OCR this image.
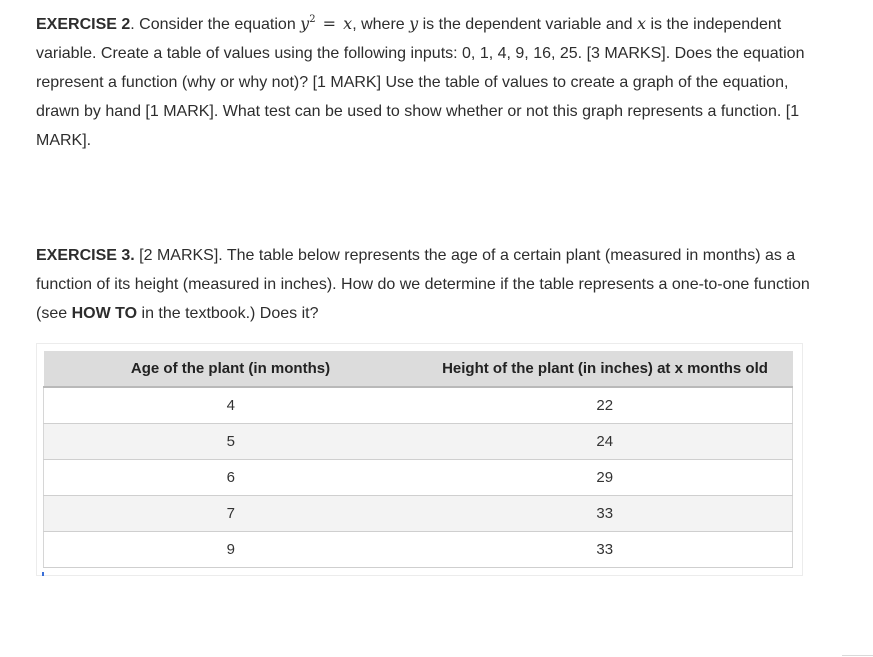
EXERCISE 2. Consider the equation $y^2 = x$, where y is the dependent variable and x is the independent variable. Create a table of values using the following inputs: 0, 1, 4, 9, 16, 25. [3 MARKS]. Does the equation represent a function (why or why not)? [1 MARK] Use the table of values to create a graph of the equation, drawn by hand [1 MARK]. What test can be used to show whether or not this graph represents a function. [1 MARK].

EXERCISE 3. [2 MARKS]. The table below represents the age of a certain plant (measured in months) as a function of its height (measured in inches). How do we determine if the table represents a one-to-one function (see HOW TO in the textbook.) Does it?

Age of the plant (in months)	Height of the plant (in inches) at x months old
4	22
5	24
6	29
7	33
9	33
